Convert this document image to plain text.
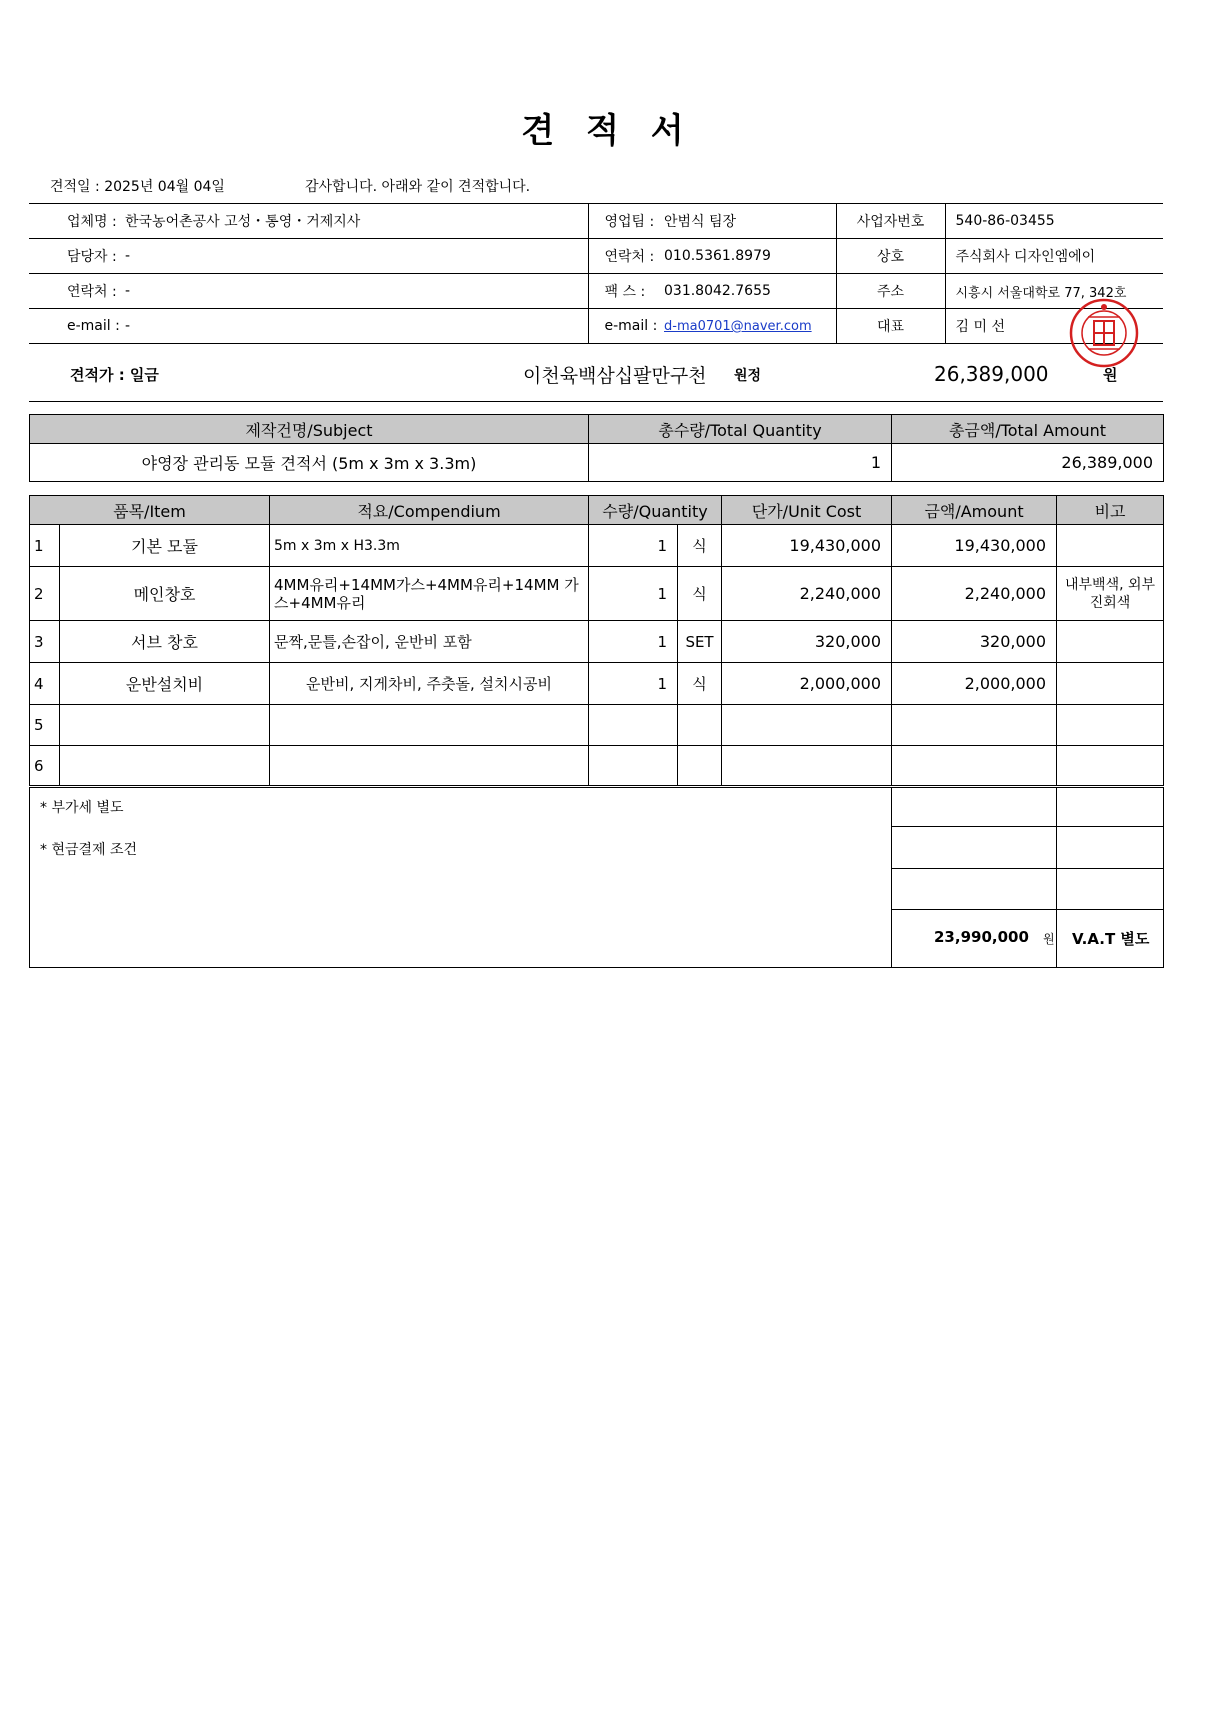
견 적 서
견적일 : 2025년 04월 04일	감사합니다. 아래와 같이 견적합니다.
업체명 :	한국농어촌공사 고성・통영・거제지사	영업팀 :	안범식 팀장	사업자번호	540-86-03455
담당자 :	-	연락처 :	010.5361.8979	상호	주식회사 디자인엠에이
연락처 :	-	팩 스 :	031.8042.7655	주소	시흥시 서울대학로 77, 342호
e-mail :	-	e-mail :	d-ma0701@naver.com	대표	김 미 선
견적가 : 일금	이천육백삼십팔만구천 원정	26,389,000	원
제작건명/Subject	총수량/Total Quantity	총금액/Total Amount
야영장 관리동 모듈 견적서 (5m x 3m x 3.3m)	1	26,389,000
품목/Item		적요/Compendium	수량/Quantity		단가/Unit Cost	금액/Amount	비고
1	기본 모듈	5m x 3m x H3.3m	1	식	19,430,000	19,430,000	
2	메인창호	4MM유리+14MM가스+4MM유리+14MM 가스+4MM유리	1	식	2,240,000	2,240,000	내부백색, 외부진회색
3	서브 창호	문짝,문틀,손잡이, 운반비 포함	1	SET	320,000	320,000	
4	운반설치비	운반비, 지게차비, 주춧돌, 설치시공비	1	식	2,000,000	2,000,000	
5							
6							
* 부가세 별도
* 현금결제 조건
23,990,000 원 V.A.T 별도
